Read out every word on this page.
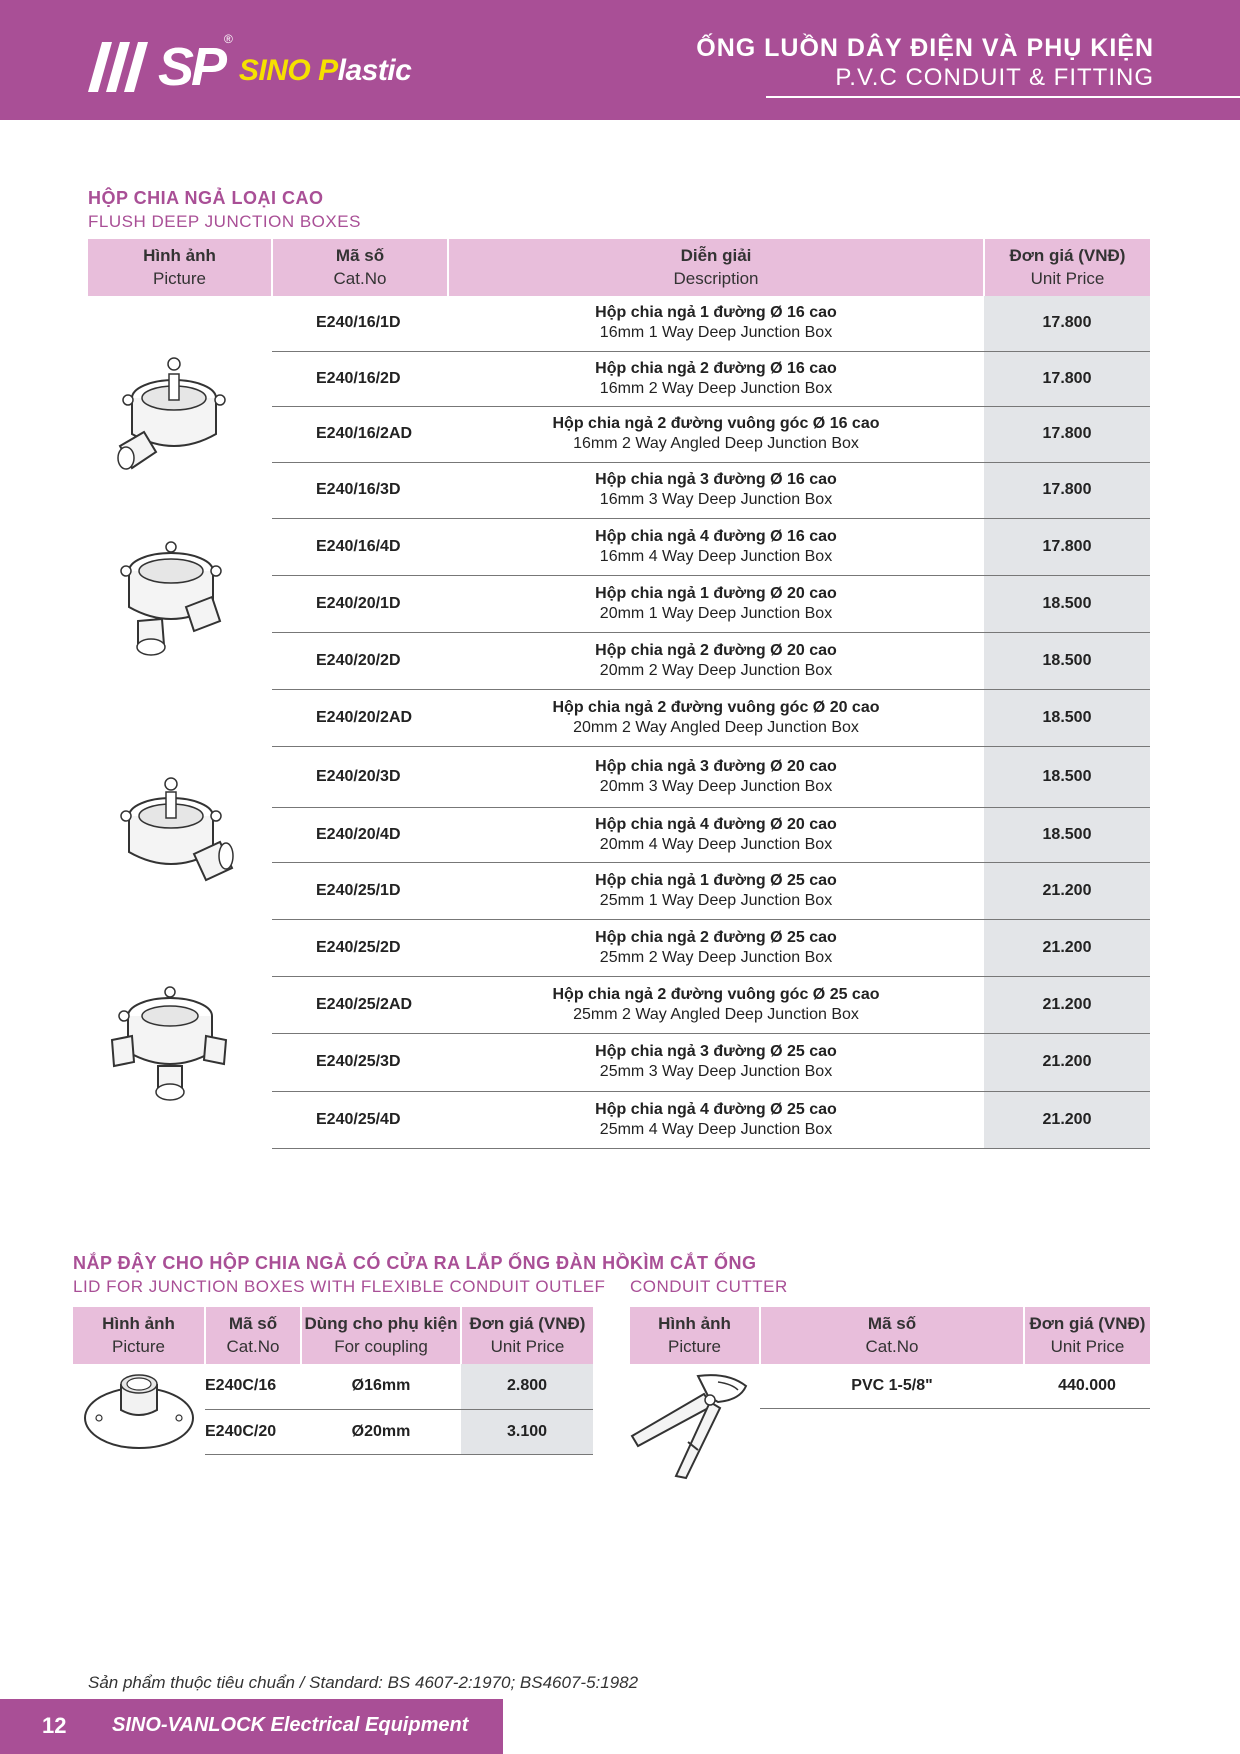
SP ®
SINO Plastic
ỐNG LUỒN DÂY ĐIỆN VÀ PHỤ KIỆN
P.V.C CONDUIT & FITTING
HỘP CHIA NGẢ LOẠI CAO
FLUSH DEEP JUNCTION BOXES
Hình ảnh
Picture	Mã số
Cat.No	Diễn giải
Description	Đơn giá (VNĐ)
Unit Price

	E240/16/1D	Hộp chia ngả 1 đường Ø 16 cao
16mm 1 Way Deep Junction Box	17.800
	E240/16/2D	Hộp chia ngả 2 đường Ø 16 cao
16mm 2 Way Deep Junction Box	17.800
	E240/16/2AD	Hộp chia ngả 2 đường vuông góc Ø 16 cao
16mm 2 Way Angled Deep Junction Box	17.800
	E240/16/3D	Hộp chia ngả 3 đường Ø 16 cao
16mm 3 Way Deep Junction Box	17.800
	E240/16/4D	Hộp chia ngả 4 đường Ø 16 cao
16mm 4 Way Deep Junction Box	17.800
	E240/20/1D	Hộp chia ngả 1 đường Ø 20 cao
20mm 1 Way Deep Junction Box	18.500
	E240/20/2D	Hộp chia ngả 2 đường Ø 20 cao
20mm 2 Way Deep Junction Box	18.500
	E240/20/2AD	Hộp chia ngả 2 đường vuông góc Ø 20 cao
20mm 2 Way Angled Deep Junction Box	18.500
	E240/20/3D	Hộp chia ngả 3 đường Ø 20 cao
20mm 3 Way Deep Junction Box	18.500
	E240/20/4D	Hộp chia ngả 4 đường Ø 20 cao
20mm 4 Way Deep Junction Box	18.500
	E240/25/1D	Hộp chia ngả 1 đường Ø 25 cao
25mm 1 Way Deep Junction Box	21.200
	E240/25/2D	Hộp chia ngả 2 đường Ø 25 cao
25mm 2 Way Deep Junction Box	21.200
	E240/25/2AD	Hộp chia ngả 2 đường vuông góc Ø 25 cao
25mm 2 Way Angled Deep Junction Box	21.200
	E240/25/3D	Hộp chia ngả 3 đường Ø 25 cao
25mm 3 Way Deep Junction Box	21.200
	E240/25/4D	Hộp chia ngả 4 đường Ø 25 cao
25mm 4 Way Deep Junction Box	21.200
NẮP ĐẬY CHO HỘP CHIA NGẢ CÓ CỬA RA LẮP ỐNG ĐÀN HỒI
LID FOR JUNCTION BOXES WITH FLEXIBLE CONDUIT OUTLEF
Hình ảnh
Picture	Mã số
Cat.No	Dùng cho phụ kiện
For coupling	Đơn giá (VNĐ)
Unit Price

	E240C/16	Ø16mm	2.800
	E240C/20	Ø20mm	3.100
KÌM CẮT ỐNG
CONDUIT CUTTER
Hình ảnh
Picture	Mã số
Cat.No	Đơn giá (VNĐ)
Unit Price

	PVC 1-5/8"	440.000
Sản phẩm thuộc tiêu chuẩn / Standard: BS 4607-2:1970; BS4607-5:1982
12 SINO-VANLOCK Electrical Equipment
